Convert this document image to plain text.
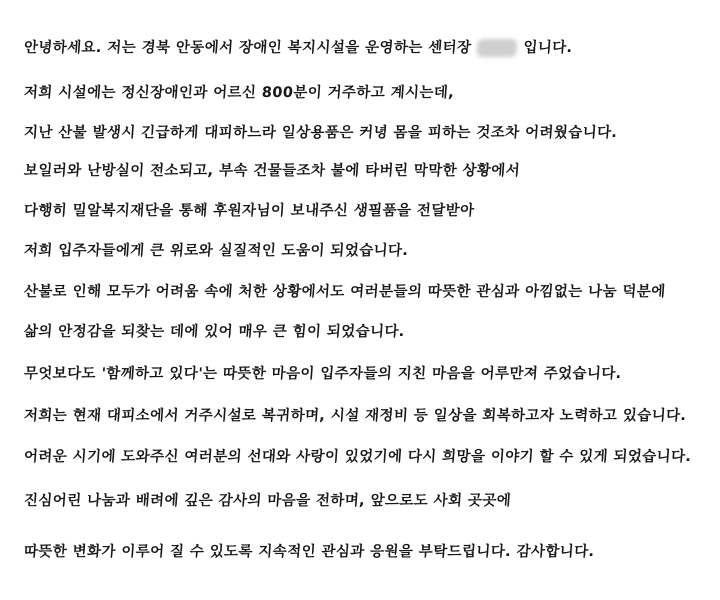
안녕하세요. 저는 경북 안동에서 장애인 복지시설을 운영하는 센터장	입니다.
저희 시설에는 정신장애인과 어르신 800분이 거주하고 계시는데,
지난 산불 발생시 긴급하게 대피하느라 일상용품은 커녕 몸을 피하는 것조차 어려웠습니다.
보일러와 난방실이 전소되고, 부속 건물들조차 불에 타버린 막막한 상황에서
다행히 밀알복지재단을 통해 후원자님이 보내주신 생필품을 전달받아
저희 입주자들에게 큰 위로와 실질적인 도움이 되었습니다.
산불로 인해 모두가 어려움 속에 처한 상황에서도 여러분들의 따뜻한 관심과 아낌없는 나눔 덕분에
삶의 안정감을 되찾는 데에 있어 매우 큰 힘이 되었습니다.
무엇보다도 '함께하고 있다'는 따뜻한 마음이 입주자들의 지친 마음을 어루만져 주었습니다.
저희는 현재 대피소에서 거주시설로 복귀하며, 시설 재정비 등 일상을 회복하고자 노력하고 있습니다.
어려운 시기에 도와주신 여러분의 선대와 사랑이 있었기에 다시 희망을 이야기 할 수 있게 되었습니다.
진심어린 나눔과 배려에 깊은 감사의 마음을 전하며, 앞으로도 사회 곳곳에
따뜻한 변화가 이루어 질 수 있도록 지속적인 관심과 응원을 부탁드립니다. 감사합니다.
